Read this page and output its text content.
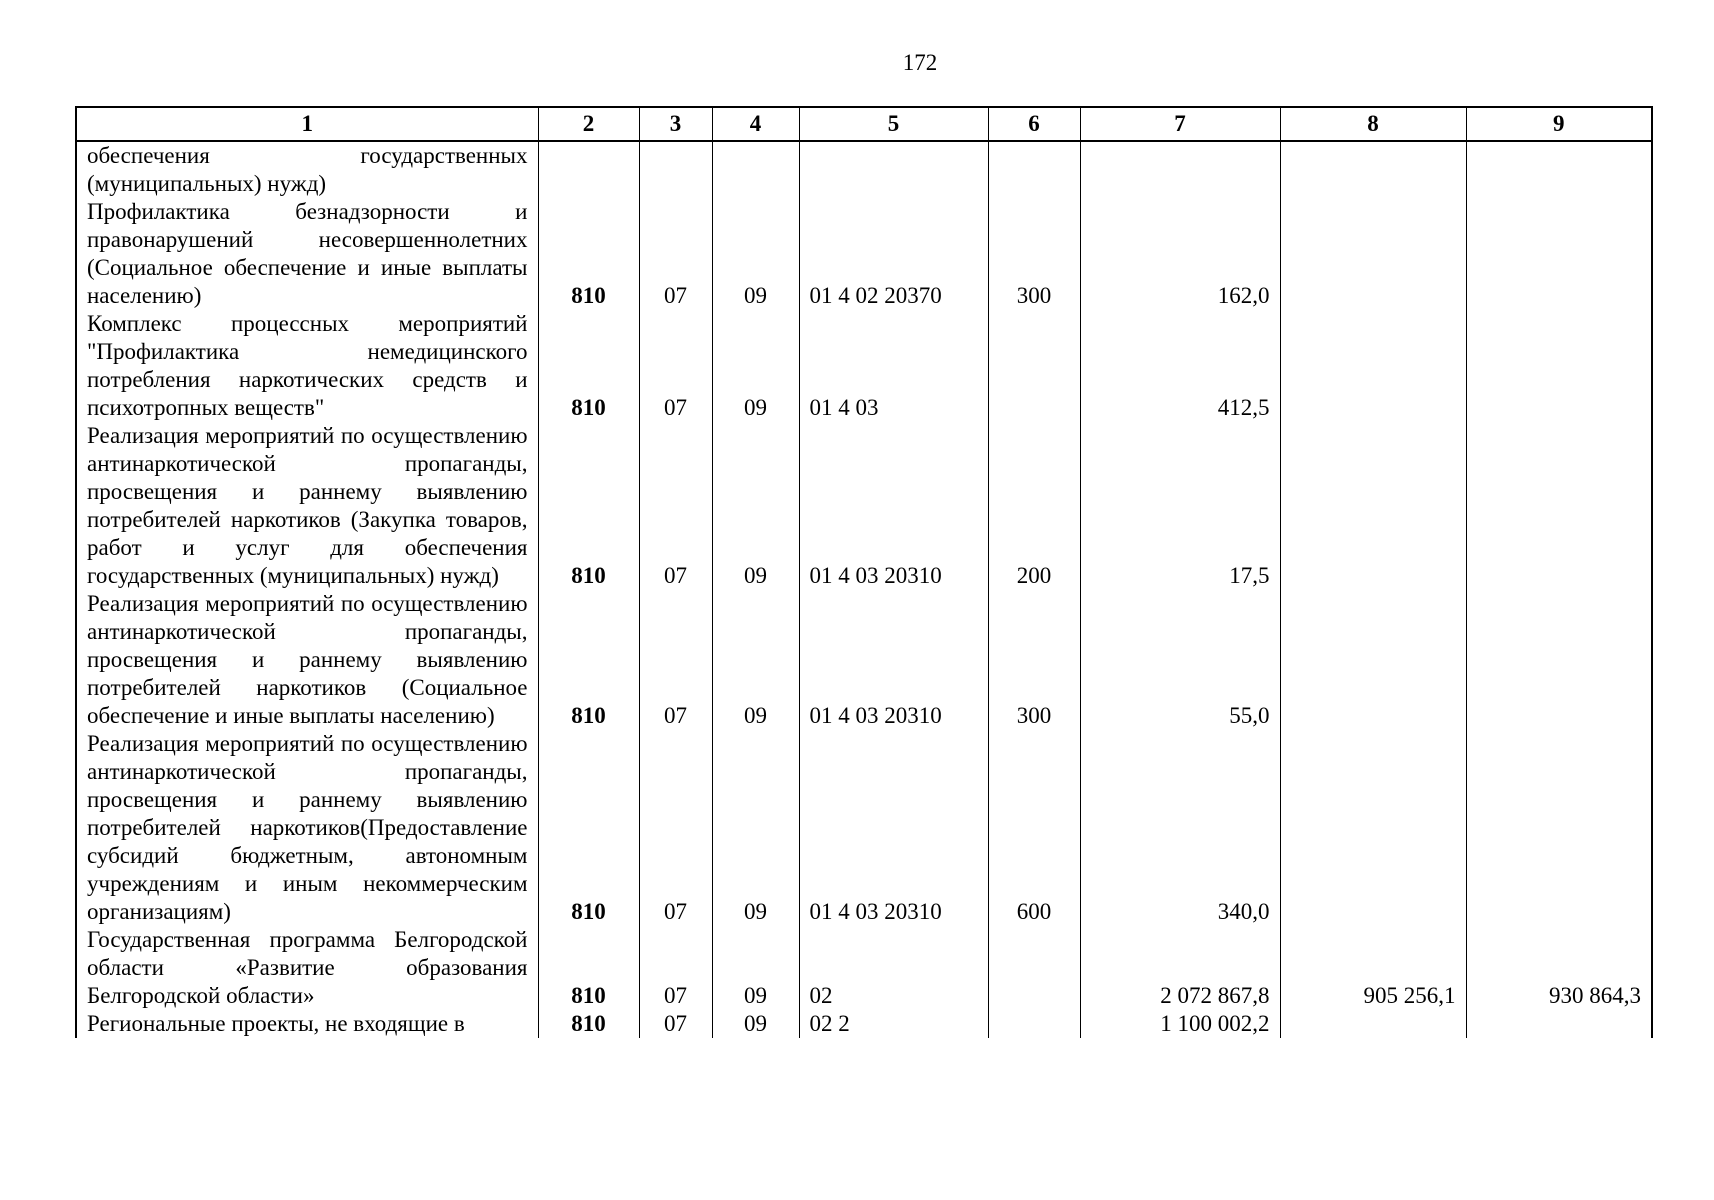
172
1	2	3	4	5	6	7	8	9
обеспечения государственных (муниципальных) нужд)								
Профилактика безнадзорности и правонарушений несовершеннолетних (Социальное обеспечение и иные выплаты населению)	810	07	09	01 4 02 20370	300	162,0		
Комплекс процессных мероприятий "Профилактика немедицинского потребления наркотических средств и психотропных веществ"	810	07	09	01 4 03		412,5		
Реализация мероприятий по осуществлению антинаркотической пропаганды, просвещения и раннему выявлению потребителей наркотиков (Закупка товаров, работ и услуг для обеспечения государственных (муниципальных) нужд)	810	07	09	01 4 03 20310	200	17,5		
Реализация мероприятий по осуществлению антинаркотической пропаганды, просвещения и раннему выявлению потребителей наркотиков (Социальное обеспечение и иные выплаты населению)	810	07	09	01 4 03 20310	300	55,0		
Реализация мероприятий по осуществлению антинаркотической пропаганды, просвещения и раннему выявлению потребителей наркотиков(Предоставление субсидий бюджетным, автономным учреждениям и иным некоммерческим организациям)	810	07	09	01 4 03 20310	600	340,0		
Государственная программа Белгородской области «Развитие образования Белгородской области»	810	07	09	02		2 072 867,8	905 256,1	930 864,3
Региональные проекты, не входящие в	810	07	09	02 2		1 100 002,2		
